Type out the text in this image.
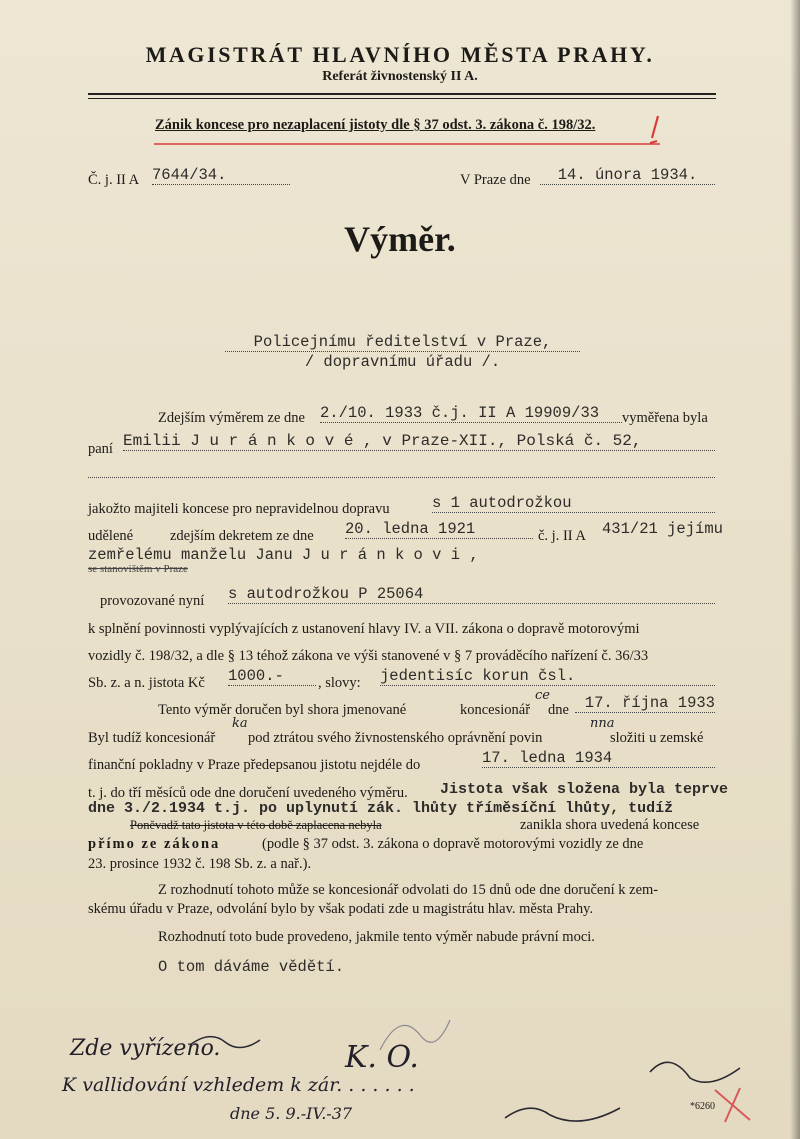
MAGISTRÁT HLAVNÍHO MĚSTA PRAHY.
Referát živnostenský II A.
Zánik koncese pro nezaplacení jistoty dle § 37 odst. 3. zákona č. 198/32.
Č. j. II A 7644/34.	V Praze dne	14. února 1934.
Výměr.
Policejnímu ředitelství v Praze,
/ dopravnímu úřadu /.
Zdejším výměrem ze dne 2./10. 1933 č.j. II A 19909/33	vyměřena byla
paní Emilii J u r á n k o v é , v Praze-XII., Polská č. 52,
jakožto majiteli koncese pro nepravidelnou dopravu	s 1 autodrožkou
udělené	zdejším dekretem ze dne 20. ledna 1921	č. j. II A 431/21 jejímu
zemřelému manželu Janu J u r á n k o v i ,
se stanovištěm v Praze
provozované nyní s autodrožkou P 25064
k splnění povinnosti vyplývajících z ustanovení hlavy IV. a VII. zákona o dopravě motorovými
vozidly č. 198/32, a dle § 13 téhož zákona ve výši stanovené v § 7 prováděcího nařízení č. 36/33
Sb. z. a n. jistota Kč 1000.-	, slovy: jedentisíc korun čsl.
Tento výměr doručen byl shora jmenované	koncesionář
ce
dne	17. října 1933
Byl tudíž koncesionář
ka
pod ztrátou svého živnostenského oprávnění povin
nna
složiti u zemské
finanční pokladny v Praze předepsanou jistotu nejdéle do	17. ledna 1934
t. j. do tří měsíců ode dne doručení uvedeného výměru. Jistota však složena byla teprve
dne 3./2.1934 t.j. po uplynutí zák. lhůty tříměsíční lhůty, tudíž
Poněvadž tato jistota v této době zaplacena nebyla	zanikla shora uvedená koncese
přímo ze zákona	(podle § 37 odst. 3. zákona o dopravě motorovými vozidly ze dne
23. prosince 1932 č. 198 Sb. z. a nař.).
Z rozhodnutí tohoto může se koncesionář odvolati do 15 dnů ode dne doručení k zem-
skému úřadu v Praze, odvolání bylo by však podati zde u magistrátu hlav. města Prahy.
Rozhodnutí toto bude provedeno, jakmile tento výměr nabude právní moci.
O tom dáváme vědětí.
Zde vyřízeno.	K. O.
K vallidování vzhledem k zár. . . . . . .
dne 5. 9.-IV.-37	*6260
